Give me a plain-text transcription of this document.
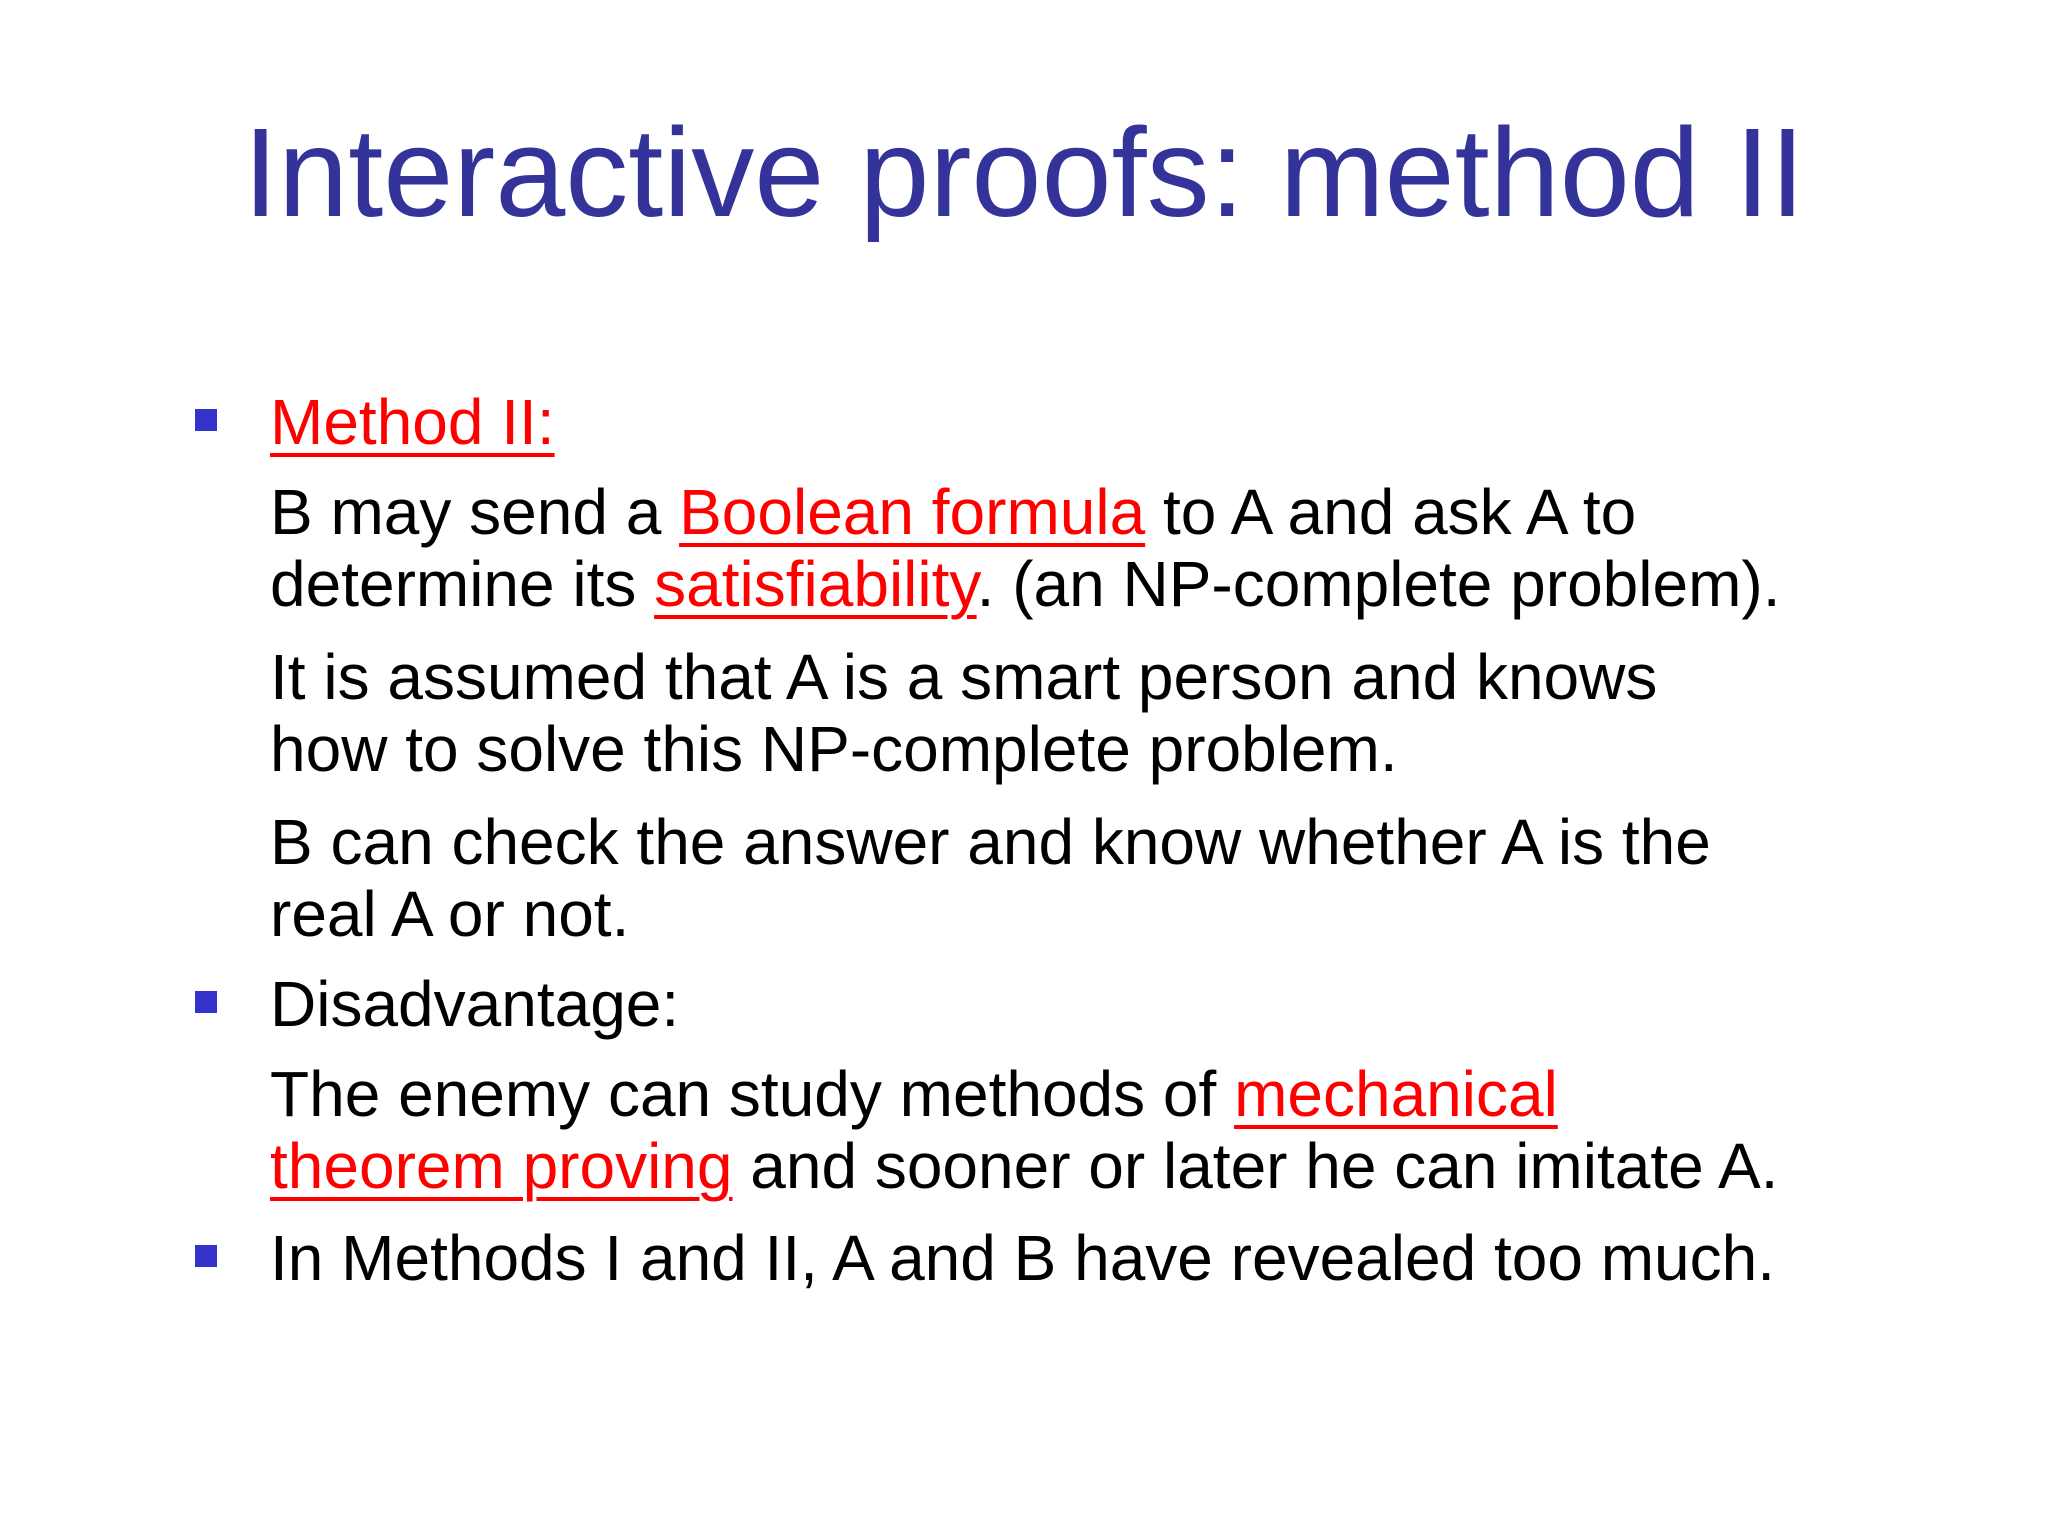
Interactive proofs: method II
Method II:

B may send a Boolean formula to A and ask A to
determine its satisfiability. (an NP-complete problem).

It is assumed that A is a smart person and knows
how to solve this NP-complete problem.

B can check the answer and know whether A is the
real A or not.

Disadvantage:

The enemy can study methods of mechanical
theorem proving and sooner or later he can imitate A.

In Methods I and II, A and B have revealed too much.
